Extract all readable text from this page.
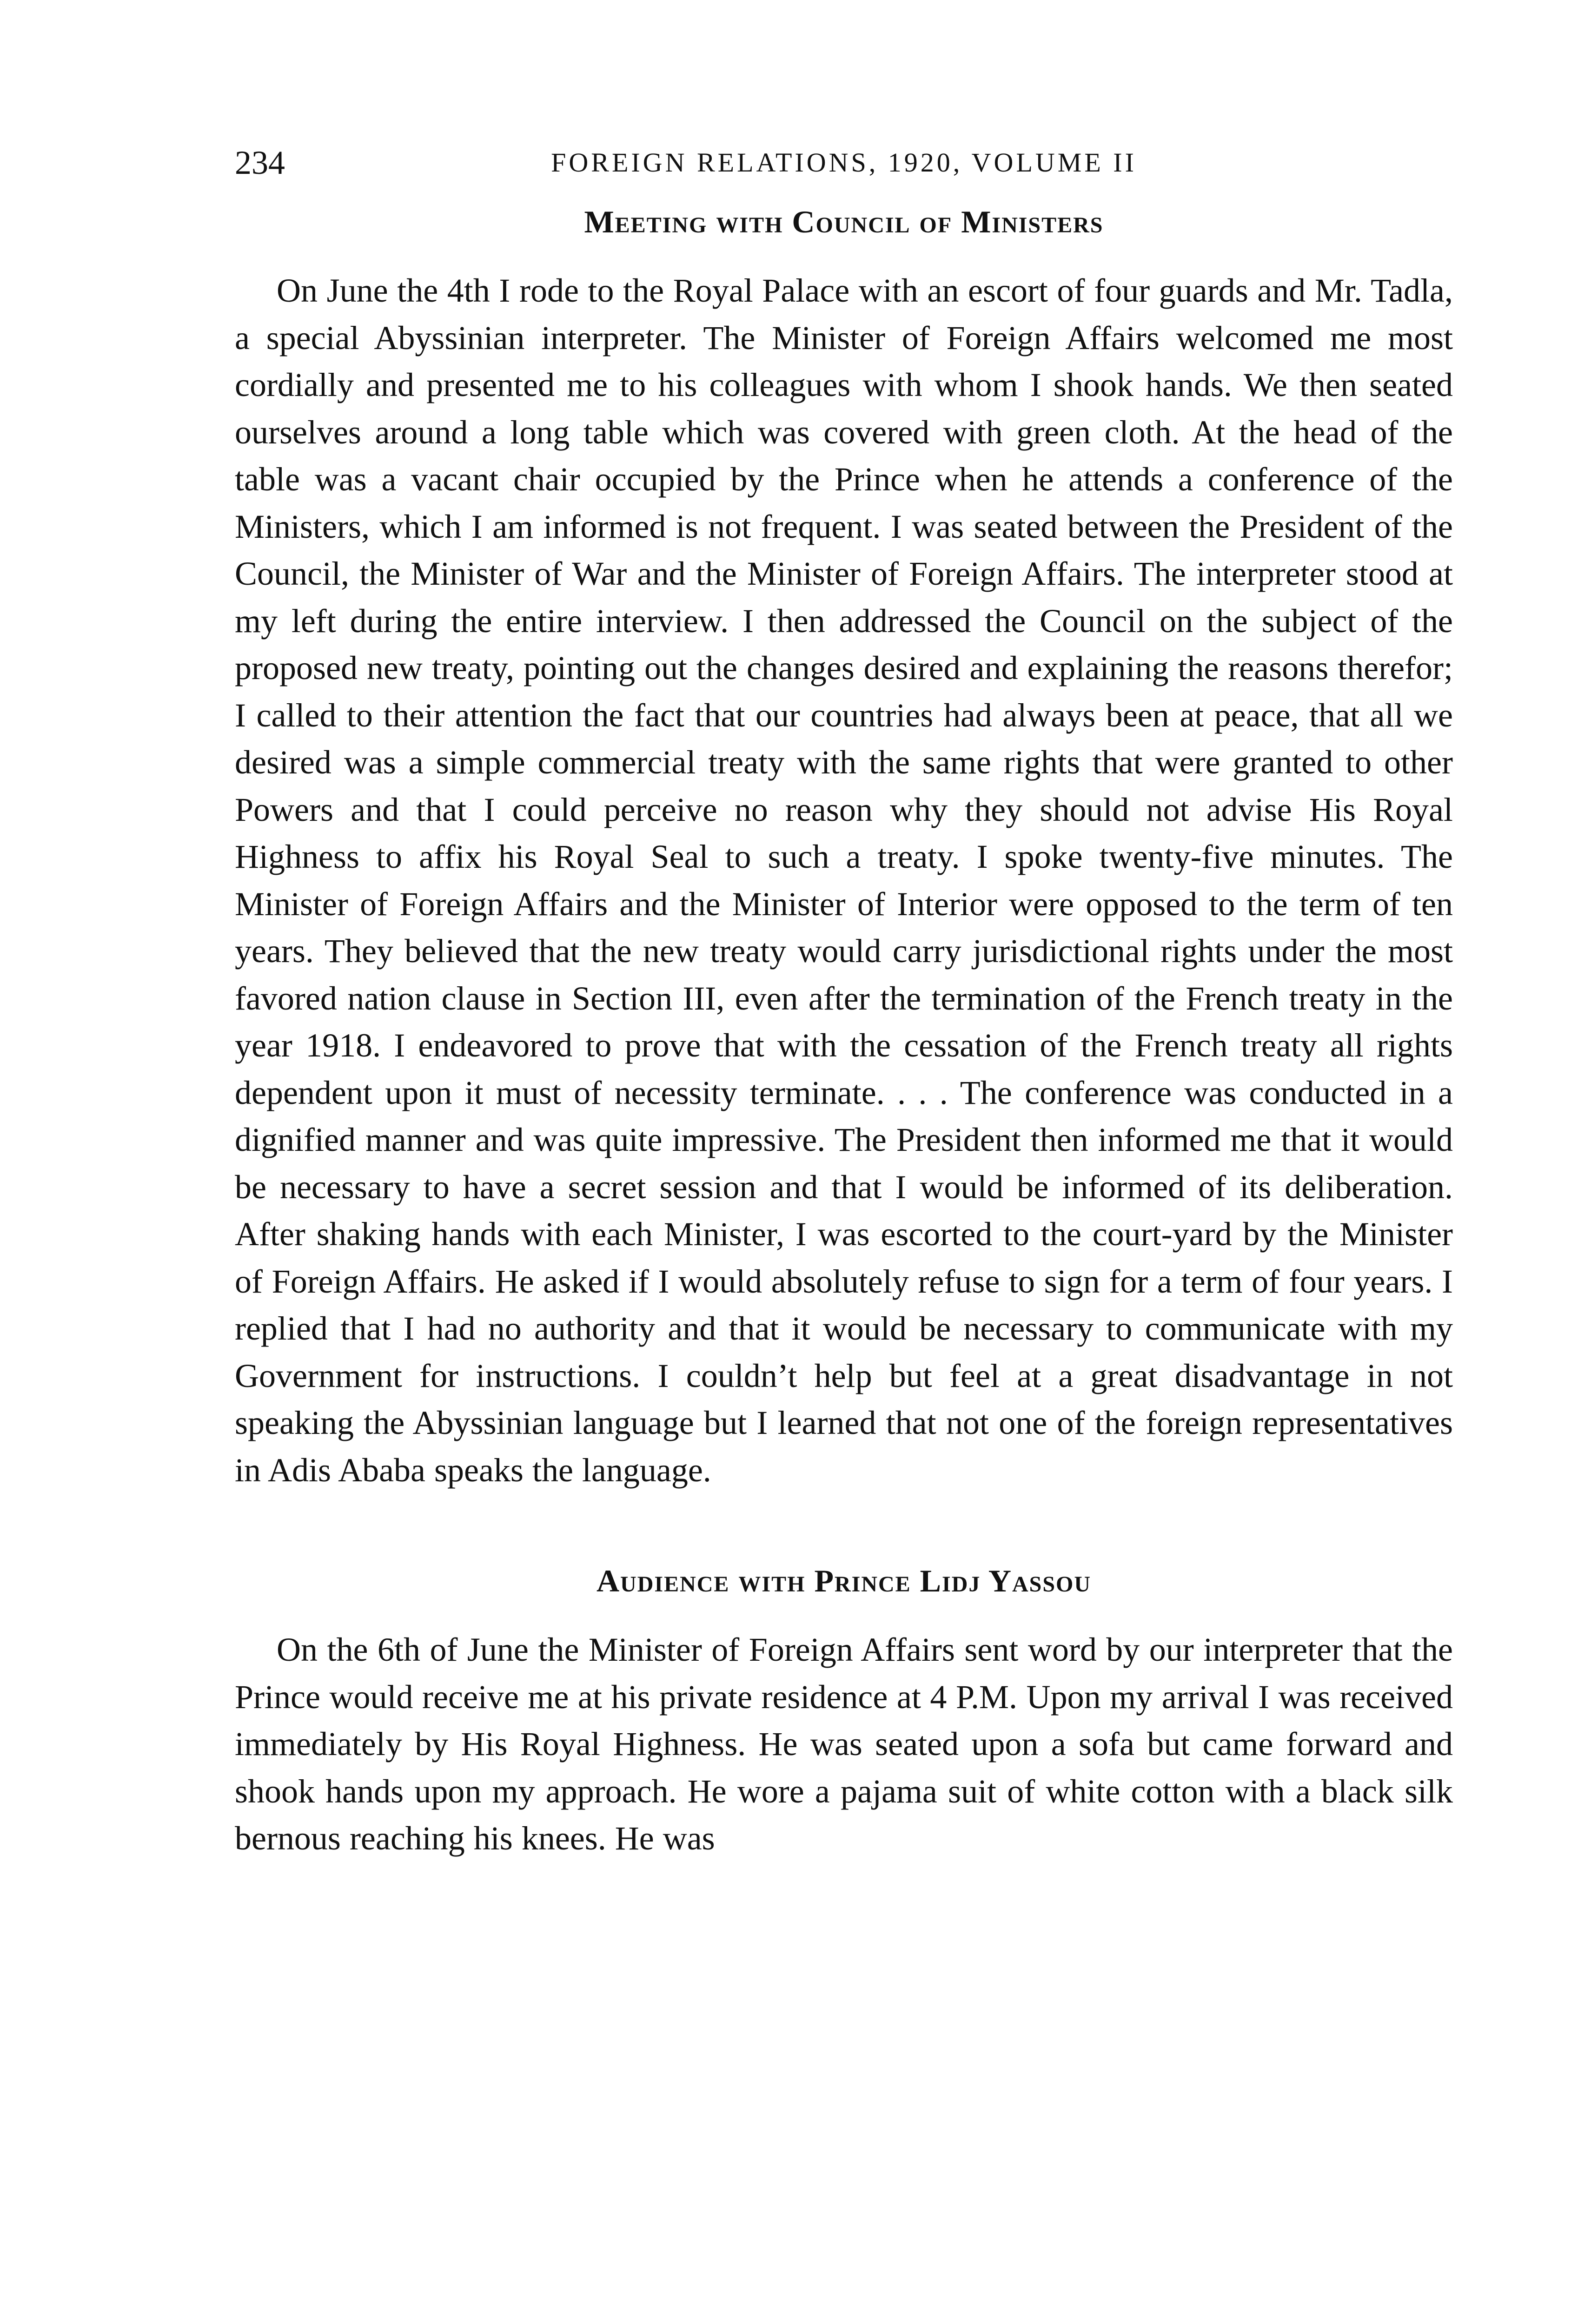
234	FOREIGN RELATIONS, 1920, VOLUME II
Meeting with Council of Ministers

On June the 4th I rode to the Royal Palace with an escort of four guards and Mr. Tadla, a special Abyssinian interpreter. The Minister of Foreign Affairs welcomed me most cordially and presented me to his colleagues with whom I shook hands. We then seated ourselves around a long table which was covered with green cloth. At the head of the table was a vacant chair occupied by the Prince when he attends a conference of the Ministers, which I am informed is not frequent. I was seated between the President of the Council, the Minister of War and the Minister of Foreign Affairs. The interpreter stood at my left during the entire interview. I then addressed the Council on the subject of the proposed new treaty, pointing out the changes desired and explaining the reasons therefor; I called to their attention the fact that our countries had always been at peace, that all we desired was a simple commercial treaty with the same rights that were granted to other Powers and that I could perceive no reason why they should not advise His Royal Highness to affix his Royal Seal to such a treaty. I spoke twenty-five minutes. The Minister of Foreign Affairs and the Minister of Interior were opposed to the term of ten years. They believed that the new treaty would carry jurisdictional rights under the most favored nation clause in Section III, even after the termination of the French treaty in the year 1918. I endeavored to prove that with the cessation of the French treaty all rights dependent upon it must of necessity terminate. . . . The conference was conducted in a dignified manner and was quite impressive. The President then informed me that it would be necessary to have a secret session and that I would be informed of its deliberation. After shaking hands with each Minister, I was escorted to the court-yard by the Minister of Foreign Affairs. He asked if I would absolutely refuse to sign for a term of four years. I replied that I had no authority and that it would be necessary to communicate with my Government for instructions. I couldn’t help but feel at a great disadvantage in not speaking the Abyssinian language but I learned that not one of the foreign representatives in Adis Ababa speaks the language.

Audience with Prince Lidj Yassou

On the 6th of June the Minister of Foreign Affairs sent word by our interpreter that the Prince would receive me at his private residence at 4 P.M. Upon my arrival I was received immediately by His Royal Highness. He was seated upon a sofa but came forward and shook hands upon my approach. He wore a pajama suit of white cotton with a black silk bernous reaching his knees. He was
